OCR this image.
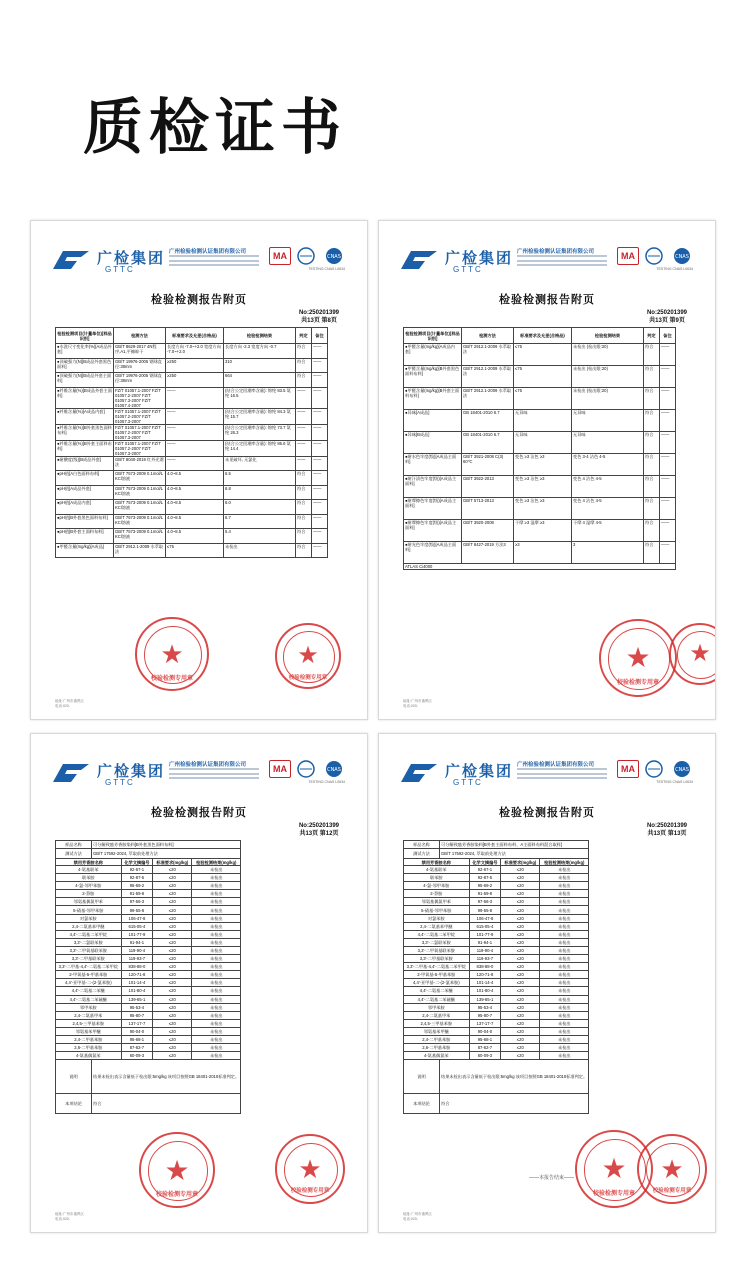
质检证书
广检集团
GTTC
广州检验检测认证集团有限公司	MA	CNAS
TESTING CNAS L0634
检验检测报告附页
No:250201399
共13页 第8页
检验检测项目(计量单位)[样品识别]	检测方法	标准要求及允差(合格品)	检验检测结果	判定	备注
●水洗尺寸变化率(%)[A成品外套]	GB/T 8629-2017 4N程序,A1,平摊晾干	长度方向 -7.0~+2.0 宽度方向 -7.0~+2.0	长度方向 -2.3 宽度方向 -0.7	符合	——
●顶破强力(N)[B成品外套黑色面料]	GB/T 19976-2005 钢球直径:38mm	≥250	310	符合	——
●顶破强力(N)[B成品外套主面料]	GB/T 19976-2005 钢球直径:38mm	≥250	664	符合	——
●纤维含量(%)[B成品外套主面料]	FZ/T 01057.1-2007 FZ/T 01057.2-2007 FZ/T 01057.3-2007 FZ/T 01057.4-2007	——	(结合公定回潮率含量): 锦纶 83.5 氨纶 16.5	——	——
●纤维含量(%)[A成品内套]	FZ/T 01057.1-2007 FZ/T 01057.2-2007 FZ/T 01057.3-2007	——	(结合公定回潮率含量): 锦纶 84.3 氨纶 15.7	——	——
●纤维含量(%)[B外套黑色面料布料]	FZ/T 01057.1-2007 FZ/T 01057.2-2007 FZ/T 01057.3-2007	——	(结合公定回潮率含量): 锦纶 73.7 氨纶 26.3	——	——
●纤维含量(%)[B外套主面料布料]	FZ/T 01057.1-2007 FZ/T 01057.2-2007 FZ/T 01057.3-2007	——	(结合公定回潮率含量): 锦纶 85.6 氨纶 14.4	——	——
●耐酸度(级)[B成品外套]	GB/T 8040-2019 红外光谱法	——	未见破坏, 无氯化	——	——
●pH值[A白色面料布料]	GB/T 7573-2009 0.1mol/L KCl溶液	4.0~8.5	6.5	符合	——
●pH值[A成品外套]	GB/T 7573-2009 0.1mol/L KCl溶液	4.0~8.5	6.8	符合	——
●pH值[A成品内套]	GB/T 7573-2009 0.1mol/L KCl溶液	4.0~8.5	6.0	符合	——
●pH值[B外套黑色面料布料]	GB/T 7573-2009 0.1mol/L KCl溶液	4.0~8.5	6.7	符合	——
●pH值[B外套主面料布料]	GB/T 7573-2009 0.1mol/L KCl溶液	4.0~8.5	5.4	符合	——
●甲醛含量(mg/kg)[A成品]	GB/T 2912.1-2009 水萃取法	≤75	未检出	符合	——
★
校验检测专用章
★
校验检测专用章
地址:广州市番禺区
电话:020-
广检集团
GTTC
广州检验检测认证集团有限公司	MA	CNAS
TESTING CNAS L0634
检验检测报告附页
No:250201399
共13页 第9页
检验检测项目(计量单位)[样品识别]	检测方法	标准要求及允差(合格品)	检验检测结果	判定	备注
●甲醛含量(mg/kg)[A成品内套]	GB/T 2912.1-2009 水萃取法	≤75	未检出 (检出限:20)	符合	——
●甲醛含量(mg/kg)[B外套黑色面料布料]	GB/T 2912.1-2009 水萃取法	≤75	未检出 (检出限:20)	符合	——
●甲醛含量(mg/kg)[B外套主面料布料]	GB/T 2912.1-2009 水萃取法	≤75	未检出 (检出限:20)	符合	——
●异味[A成品]	GB 18401-2010 6.7	无异味	无异味	符合	——
●异味[B成品]	GB 18401-2010 6.7	无异味	无异味	符合	——
●耐水色牢度(级)[A成品主面料]	GB/T 3921-2008 C(3) 60℃	变色 ≥3 沾色 ≥3	变色 3-4 沾色 4-5	符合	——
●耐汗渍色牢度(级)[A成品主面料]	GB/T 3922-2013	变色 ≥3 沾色 ≥3	变色 4 沾色 4-5	符合	——
●耐摩擦色牢度(级)[A成品主面料]	GB/T 5713-2013	变色 ≥3 沾色 ≥3	变色 4 沾色 4-5	符合	——
●耐摩擦色牢度(级)[A成品主面料]	GB/T 3920-2008	干摩 ≥3 湿摩 ≥3	干摩 4 湿摩 4-5	符合	——
●耐光色牢度(级)[A成品主面料]	GB/T 8427-2019 方法3	≥3	3	符合	——
ATLAS Ci4000					
★
校验检测专用章
★
地址:广州市番禺区
电话:020-
广检集团
GTTC
广州检验检测认证集团有限公司	MA	CNAS
TESTING CNAS L0634
检验检测报告附页
No:250201399
共13页 第12页
样品名称	可分解致癌芳香胺染料[B外套黑色面料布料]			
测试方法	GB/T 17592-2024, 萃取前处理方法			
禁用芳香胺名称		化学文摘编号	标准要求(mg/kg)	检验检测结果(mg/kg)
4-氨基联苯		92-67-1	≤20	未检出
联苯胺		92-87-5	≤20	未检出
4-氯-邻甲苯胺		95-69-2	≤20	未检出
2-萘胺		91-59-8	≤20	未检出
邻氨基偶氮甲苯		97-56-3	≤20	未检出
5-硝基-邻甲苯胺		99-55-8	≤20	未检出
对氯苯胺		106-47-8	≤20	未检出
2,4-二氨基苯甲醚		615-05-4	≤20	未检出
4,4'-二氨基二苯甲烷		101-77-9	≤20	未检出
3,3'-二氯联苯胺		91-94-1	≤20	未检出
3,3'-二甲氧基联苯胺		119-90-4	≤20	未检出
3,3'-二甲基联苯胺		119-93-7	≤20	未检出
3,3'-二甲基-4,4'-二氨基二苯甲烷		838-88-0	≤20	未检出
2-甲氧基-5-甲基苯胺		120-71-8	≤20	未检出
4,4'-亚甲基-二-(2-氯苯胺)		101-14-4	≤20	未检出
4,4'-二氨基二苯醚		101-80-4	≤20	未检出
4,4'-二氨基二苯硫醚		139-65-1	≤20	未检出
邻甲苯胺		95-53-4	≤20	未检出
2,4-二氨基甲苯		95-80-7	≤20	未检出
2,4,5-三甲基苯胺		137-17-7	≤20	未检出
邻氨基苯甲醚		90-04-0	≤20	未检出
2,4-二甲基苯胺		95-68-1	≤20	未检出
2,6-二甲基苯胺		87-62-7	≤20	未检出
4-氨基偶氮苯		60-09-3	≤20	未检出
说明	结果未检出表示含量低于检出限:5mg/kg 该项目按照GB 18401-2010标准判定。			
本项结论	符合			
★
校验检测专用章
★
校验检测专用章
地址:广州市番禺区
电话:020-
广检集团
GTTC
广州检验检测认证集团有限公司	MA	CNAS
TESTING CNAS L0634
检验检测报告附页
No:250201399
共13页 第13页
样品名称	可分解致癌芳香胺染料[B外套主面料布料、A主面料布料混合取样]			
测试方法	GB/T 17592-2024, 萃取前处理方法			
禁用芳香胺名称		化学文摘编号	标准要求(mg/kg)	检验检测结果(mg/kg)
4-氨基联苯		92-67-1	≤20	未检出
联苯胺		92-87-5	≤20	未检出
4-氯-邻甲苯胺		95-69-2	≤20	未检出
2-萘胺		91-59-8	≤20	未检出
邻氨基偶氮甲苯		97-56-3	≤20	未检出
5-硝基-邻甲苯胺		99-55-8	≤20	未检出
对氯苯胺		106-47-8	≤20	未检出
2,4-二氨基苯甲醚		615-05-4	≤20	未检出
4,4'-二氨基二苯甲烷		101-77-9	≤20	未检出
3,3'-二氯联苯胺		91-94-1	≤20	未检出
3,3'-二甲氧基联苯胺		119-90-4	≤20	未检出
3,3'-二甲基联苯胺		119-93-7	≤20	未检出
3,3'-二甲基-4,4'-二氨基二苯甲烷		838-88-0	≤20	未检出
2-甲氧基-5-甲基苯胺		120-71-8	≤20	未检出
4,4'-亚甲基-二-(2-氯苯胺)		101-14-4	≤20	未检出
4,4'-二氨基二苯醚		101-80-4	≤20	未检出
4,4'-二氨基二苯硫醚		139-65-1	≤20	未检出
邻甲苯胺		95-53-4	≤20	未检出
2,4-二氨基甲苯		95-80-7	≤20	未检出
2,4,5-三甲基苯胺		137-17-7	≤20	未检出
邻氨基苯甲醚		90-04-0	≤20	未检出
2,4-二甲基苯胺		95-68-1	≤20	未检出
2,6-二甲基苯胺		87-62-7	≤20	未检出
4-氨基偶氮苯		60-09-3	≤20	未检出
说明	结果未检出表示含量低于检出限:5mg/kg 该项目按照GB 18401-2010标准判定。			
本项结论	符合			
——本报告结束—— ★
校验检测专用章
★
校验检测专用章
地址:广州市番禺区
电话:020-
